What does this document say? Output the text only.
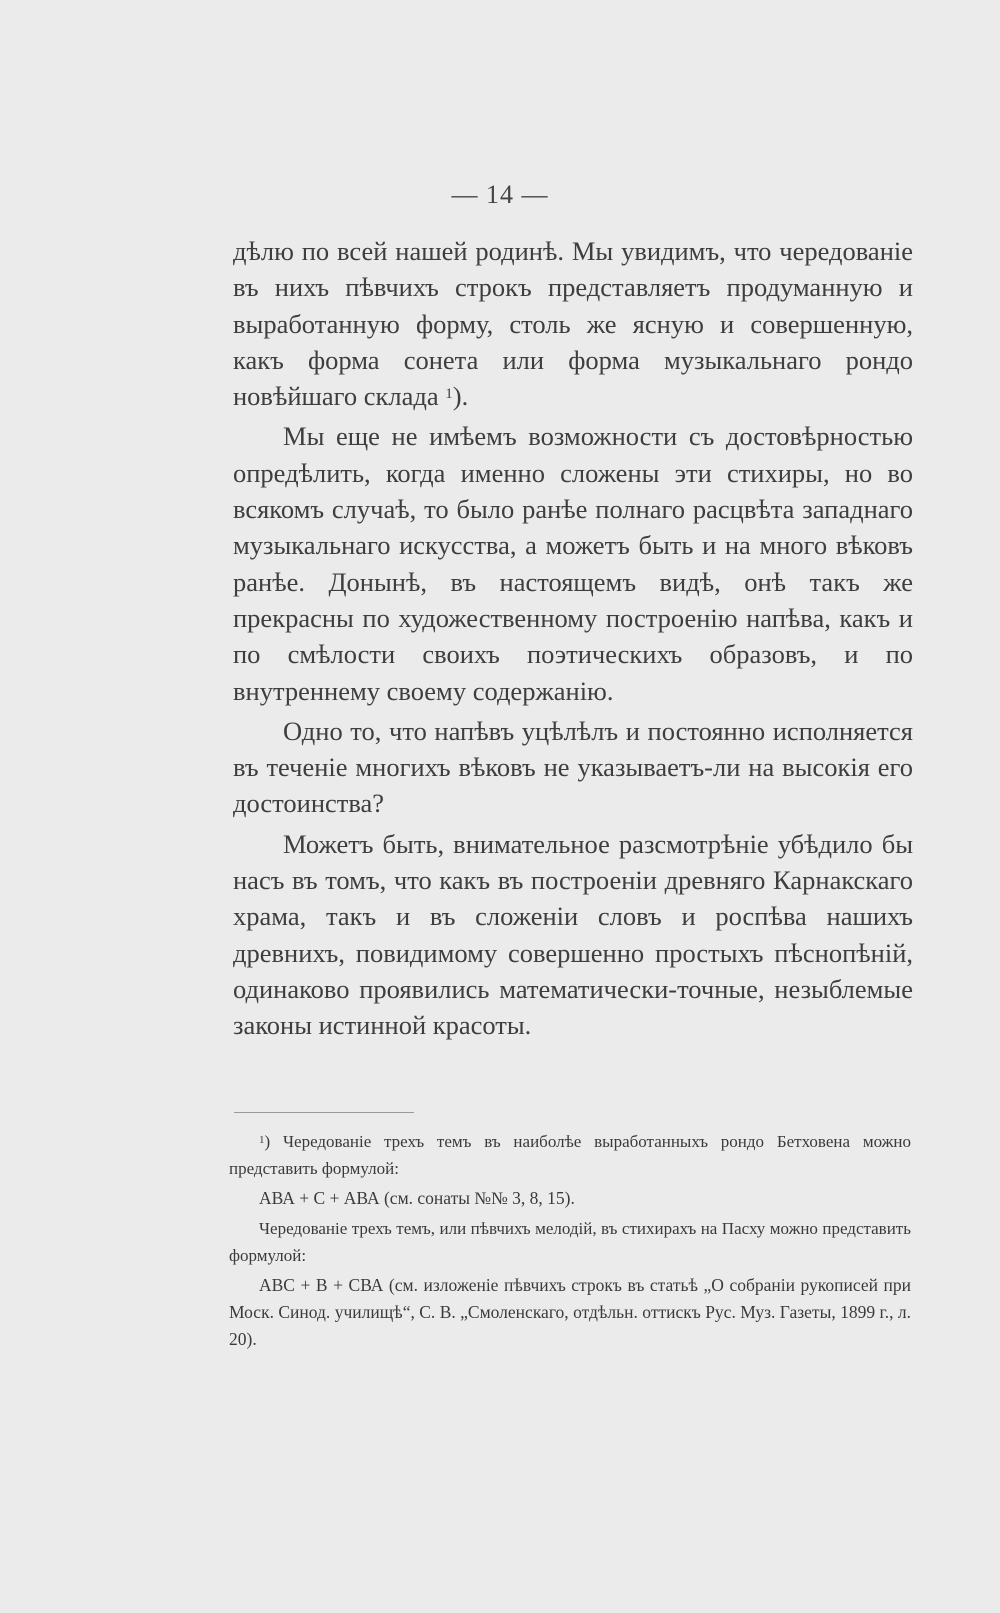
— 14 —

дѣлю по всей нашей родинѣ. Мы увидимъ, что чередованіе въ нихъ пѣвчихъ строкъ представляетъ продуманную и выработанную форму, столь же ясную и совершенную, какъ форма сонета или форма музыкальнаго рондо новѣйшаго склада $^1$).

Мы еще не имѣемъ возможности съ достовѣрностью опредѣлить, когда именно сложены эти стихиры, но во всякомъ случаѣ, то было ранѣе полнаго расцвѣта западнаго музыкальнаго искусства, а можетъ быть и на много вѣковъ ранѣе. Донынѣ, въ настоящемъ видѣ, онѣ такъ же прекрасны по художественному построенію напѣва, какъ и по смѣлости своихъ поэтическихъ образовъ, и по внутреннему своему содержанію.

Одно то, что напѣвъ уцѣлѣлъ и постоянно исполняется въ теченіе многихъ вѣковъ не указываетъ-ли на высокія его достоинства?

Можетъ быть, внимательное разсмотрѣніе убѣдило бы насъ въ томъ, что какъ въ построеніи древняго Карнакскаго храма, такъ и въ сложеніи словъ и роспѣва нашихъ древнихъ, повидимому совершенно простыхъ пѣснопѣній, одинаково проявились математически-точные, незыблемые законы истинной красоты.

$^1$) Чередованіе трехъ темъ въ наиболѣе выработанныхъ рондо Бетховена можно представить формулой:

АВА + С + АВА (см. сонаты №№ 3, 8, 15).

Чередованіе трехъ темъ, или пѣвчихъ мелодій, въ стихирахъ на Пасху можно представить формулой:

АВС + В + СВА (см. изложеніе пѣвчихъ строкъ въ статьѣ „О собраніи рукописей при Моск. Синод. училищѣ“, С. В. „Смоленскаго, отдѣльн. оттискъ Рус. Муз. Газеты, 1899 г., л. 20).
